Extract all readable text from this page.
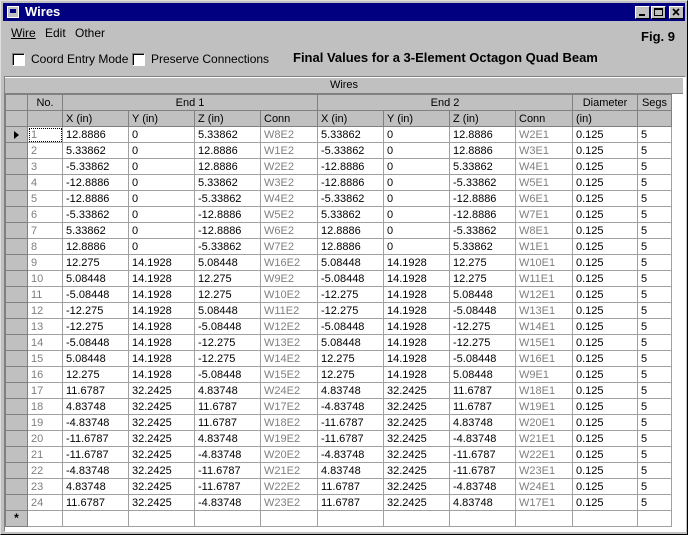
Wires
Wire Edit Other	Fig. 9
Coord Entry Mode Preserve Connections Final Values for a 3-Element Octagon Quad Beam
Wires
	No.	End 1				End 2				Diameter	Segs
		X (in)	Y (in)	Z (in)	Conn	X (in)	Y (in)	Z (in)	Conn	(in)	
	1	12.8886	0	5.33862	W8E2	5.33862	0	12.8886	W2E1	0.125	5
	2	5.33862	0	12.8886	W1E2	-5.33862	0	12.8886	W3E1	0.125	5
	3	-5.33862	0	12.8886	W2E2	-12.8886	0	5.33862	W4E1	0.125	5
	4	-12.8886	0	5.33862	W3E2	-12.8886	0	-5.33862	W5E1	0.125	5
	5	-12.8886	0	-5.33862	W4E2	-5.33862	0	-12.8886	W6E1	0.125	5
	6	-5.33862	0	-12.8886	W5E2	5.33862	0	-12.8886	W7E1	0.125	5
	7	5.33862	0	-12.8886	W6E2	12.8886	0	-5.33862	W8E1	0.125	5
	8	12.8886	0	-5.33862	W7E2	12.8886	0	5.33862	W1E1	0.125	5
	9	12.275	14.1928	5.08448	W16E2	5.08448	14.1928	12.275	W10E1	0.125	5
	10	5.08448	14.1928	12.275	W9E2	-5.08448	14.1928	12.275	W11E1	0.125	5
	11	-5.08448	14.1928	12.275	W10E2	-12.275	14.1928	5.08448	W12E1	0.125	5
	12	-12.275	14.1928	5.08448	W11E2	-12.275	14.1928	-5.08448	W13E1	0.125	5
	13	-12.275	14.1928	-5.08448	W12E2	-5.08448	14.1928	-12.275	W14E1	0.125	5
	14	-5.08448	14.1928	-12.275	W13E2	5.08448	14.1928	-12.275	W15E1	0.125	5
	15	5.08448	14.1928	-12.275	W14E2	12.275	14.1928	-5.08448	W16E1	0.125	5
	16	12.275	14.1928	-5.08448	W15E2	12.275	14.1928	5.08448	W9E1	0.125	5
	17	11.6787	32.2425	4.83748	W24E2	4.83748	32.2425	11.6787	W18E1	0.125	5
	18	4.83748	32.2425	11.6787	W17E2	-4.83748	32.2425	11.6787	W19E1	0.125	5
	19	-4.83748	32.2425	11.6787	W18E2	-11.6787	32.2425	4.83748	W20E1	0.125	5
	20	-11.6787	32.2425	4.83748	W19E2	-11.6787	32.2425	-4.83748	W21E1	0.125	5
	21	-11.6787	32.2425	-4.83748	W20E2	-4.83748	32.2425	-11.6787	W22E1	0.125	5
	22	-4.83748	32.2425	-11.6787	W21E2	4.83748	32.2425	-11.6787	W23E1	0.125	5
	23	4.83748	32.2425	-11.6787	W22E2	11.6787	32.2425	-4.83748	W24E1	0.125	5
	24	11.6787	32.2425	-4.83748	W23E2	11.6787	32.2425	4.83748	W17E1	0.125	5
*											
